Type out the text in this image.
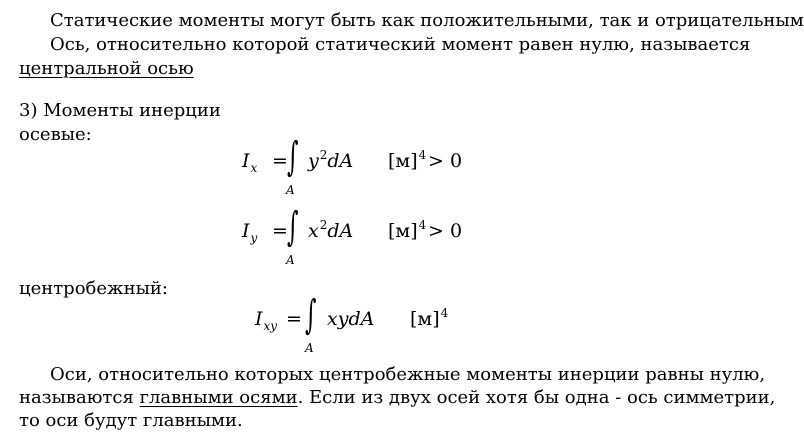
Статические моменты могут быть как положительными, так и отрицательным
Ось, относительно которой статический момент равен нулю, называется
центральной осью
3) Моменты инерции
осевые:
$I_x$ = ∫
A
$y^2dA$ $[м]^4 > 0$
$I_y$ = ∫
A
$x^2dA$ $[м]^4 > 0$
центробежный:
$I_{xy}$ = ∫
A
xydA $[м]^4$
Оси, относительно которых центробежные моменты инерции равны нулю,
называются главными осями. Если из двух осей хотя бы одна - ось симметрии,
то оси будут главными.
